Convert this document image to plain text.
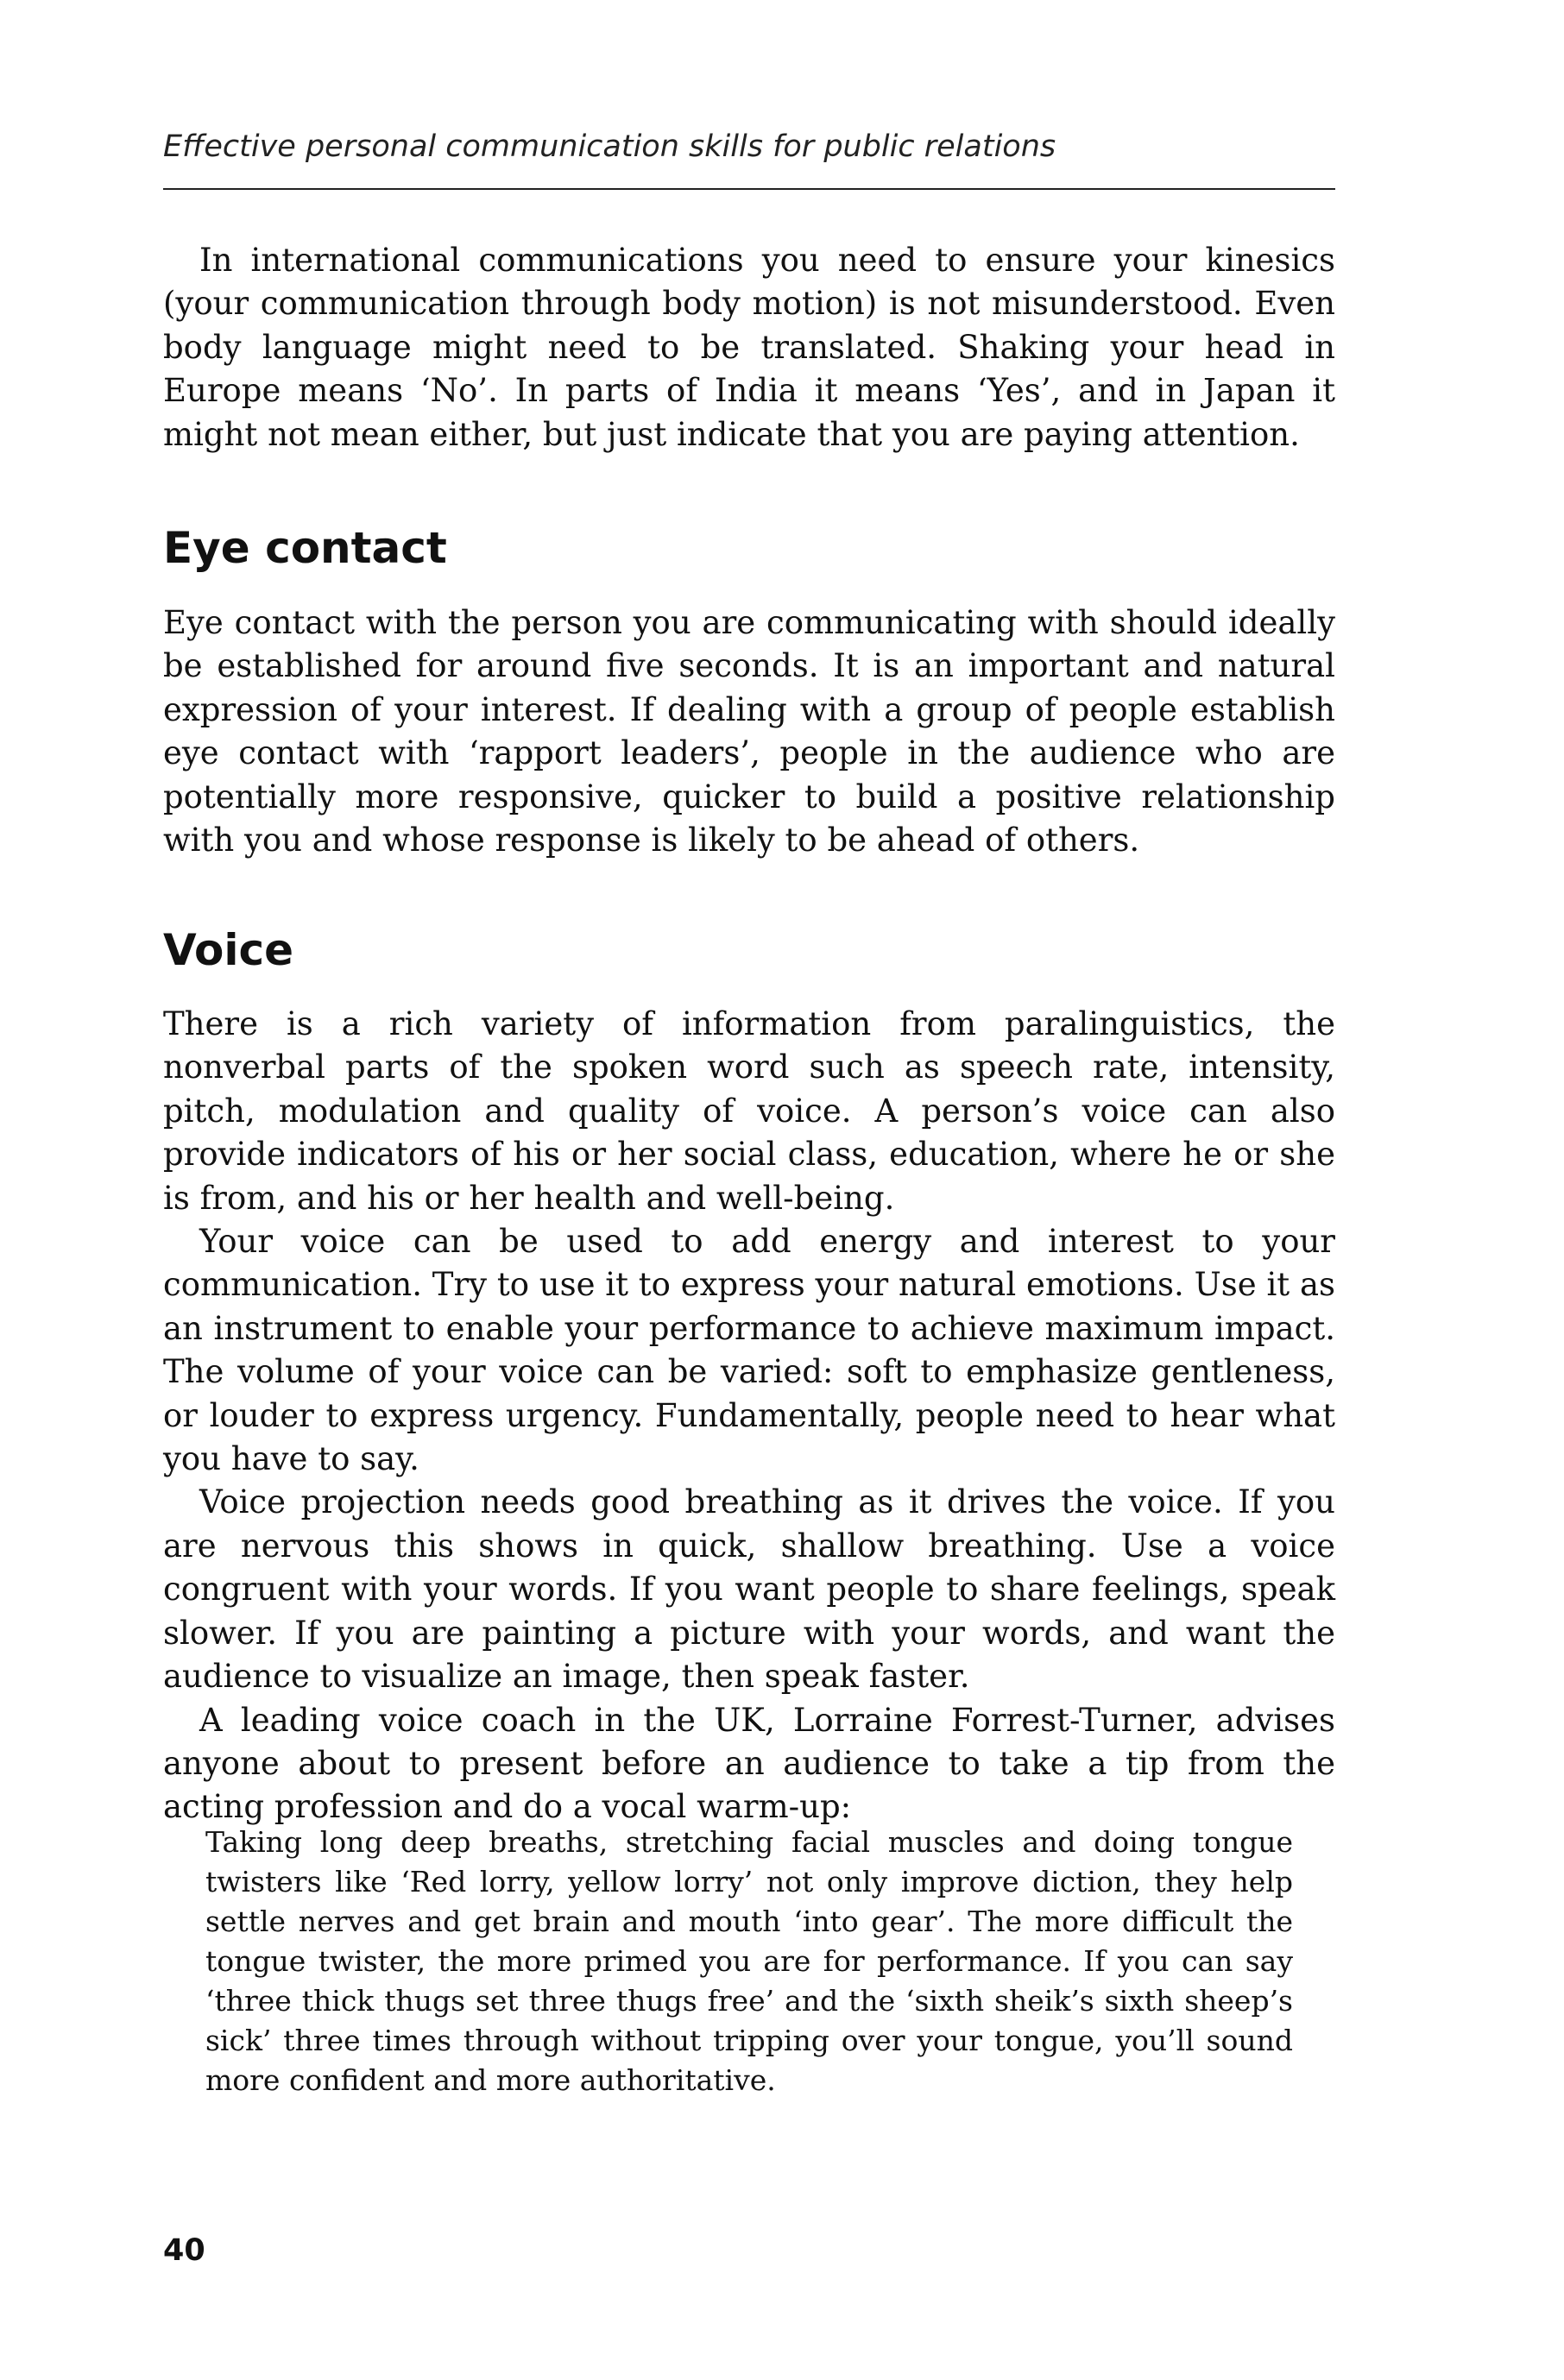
Effective personal communication skills for public relations

In international communications you need to ensure your kinesics (your communication through body motion) is not misunderstood. Even body language might need to be translated. Shaking your head in Europe means ‘No’. In parts of India it means ‘Yes’, and in Japan it might not mean either, but just indicate that you are paying attention.

Eye contact

Eye contact with the person you are communicating with should ideally be established for around five seconds. It is an important and natural expression of your interest. If dealing with a group of people establish eye contact with ‘rapport leaders’, people in the audience who are potentially more responsive, quicker to build a positive relationship with you and whose response is likely to be ahead of others.

Voice

There is a rich variety of information from paralinguistics, the nonverbal parts of the spoken word such as speech rate, intensity, pitch, modulation and quality of voice. A person’s voice can also provide indicators of his or her social class, education, where he or she is from, and his or her health and well-being.

Your voice can be used to add energy and interest to your communication. Try to use it to express your natural emotions. Use it as an instrument to enable your performance to achieve maximum impact. The volume of your voice can be varied: soft to emphasize gentleness, or louder to express urgency. Fundamentally, people need to hear what you have to say.

Voice projection needs good breathing as it drives the voice. If you are nervous this shows in quick, shallow breathing. Use a voice congruent with your words. If you want people to share feelings, speak slower. If you are painting a picture with your words, and want the audience to visualize an image, then speak faster.

A leading voice coach in the UK, Lorraine Forrest-Turner, advises anyone about to present before an audience to take a tip from the acting profession and do a vocal warm-up:

Taking long deep breaths, stretching facial muscles and doing tongue twisters like ‘Red lorry, yellow lorry’ not only improve diction, they help settle nerves and get brain and mouth ‘into gear’. The more difficult the tongue twister, the more primed you are for performance. If you can say ‘three thick thugs set three thugs free’ and the ‘sixth sheik’s sixth sheep’s sick’ three times through without tripping over your tongue, you’ll sound more confident and more authoritative.

40
